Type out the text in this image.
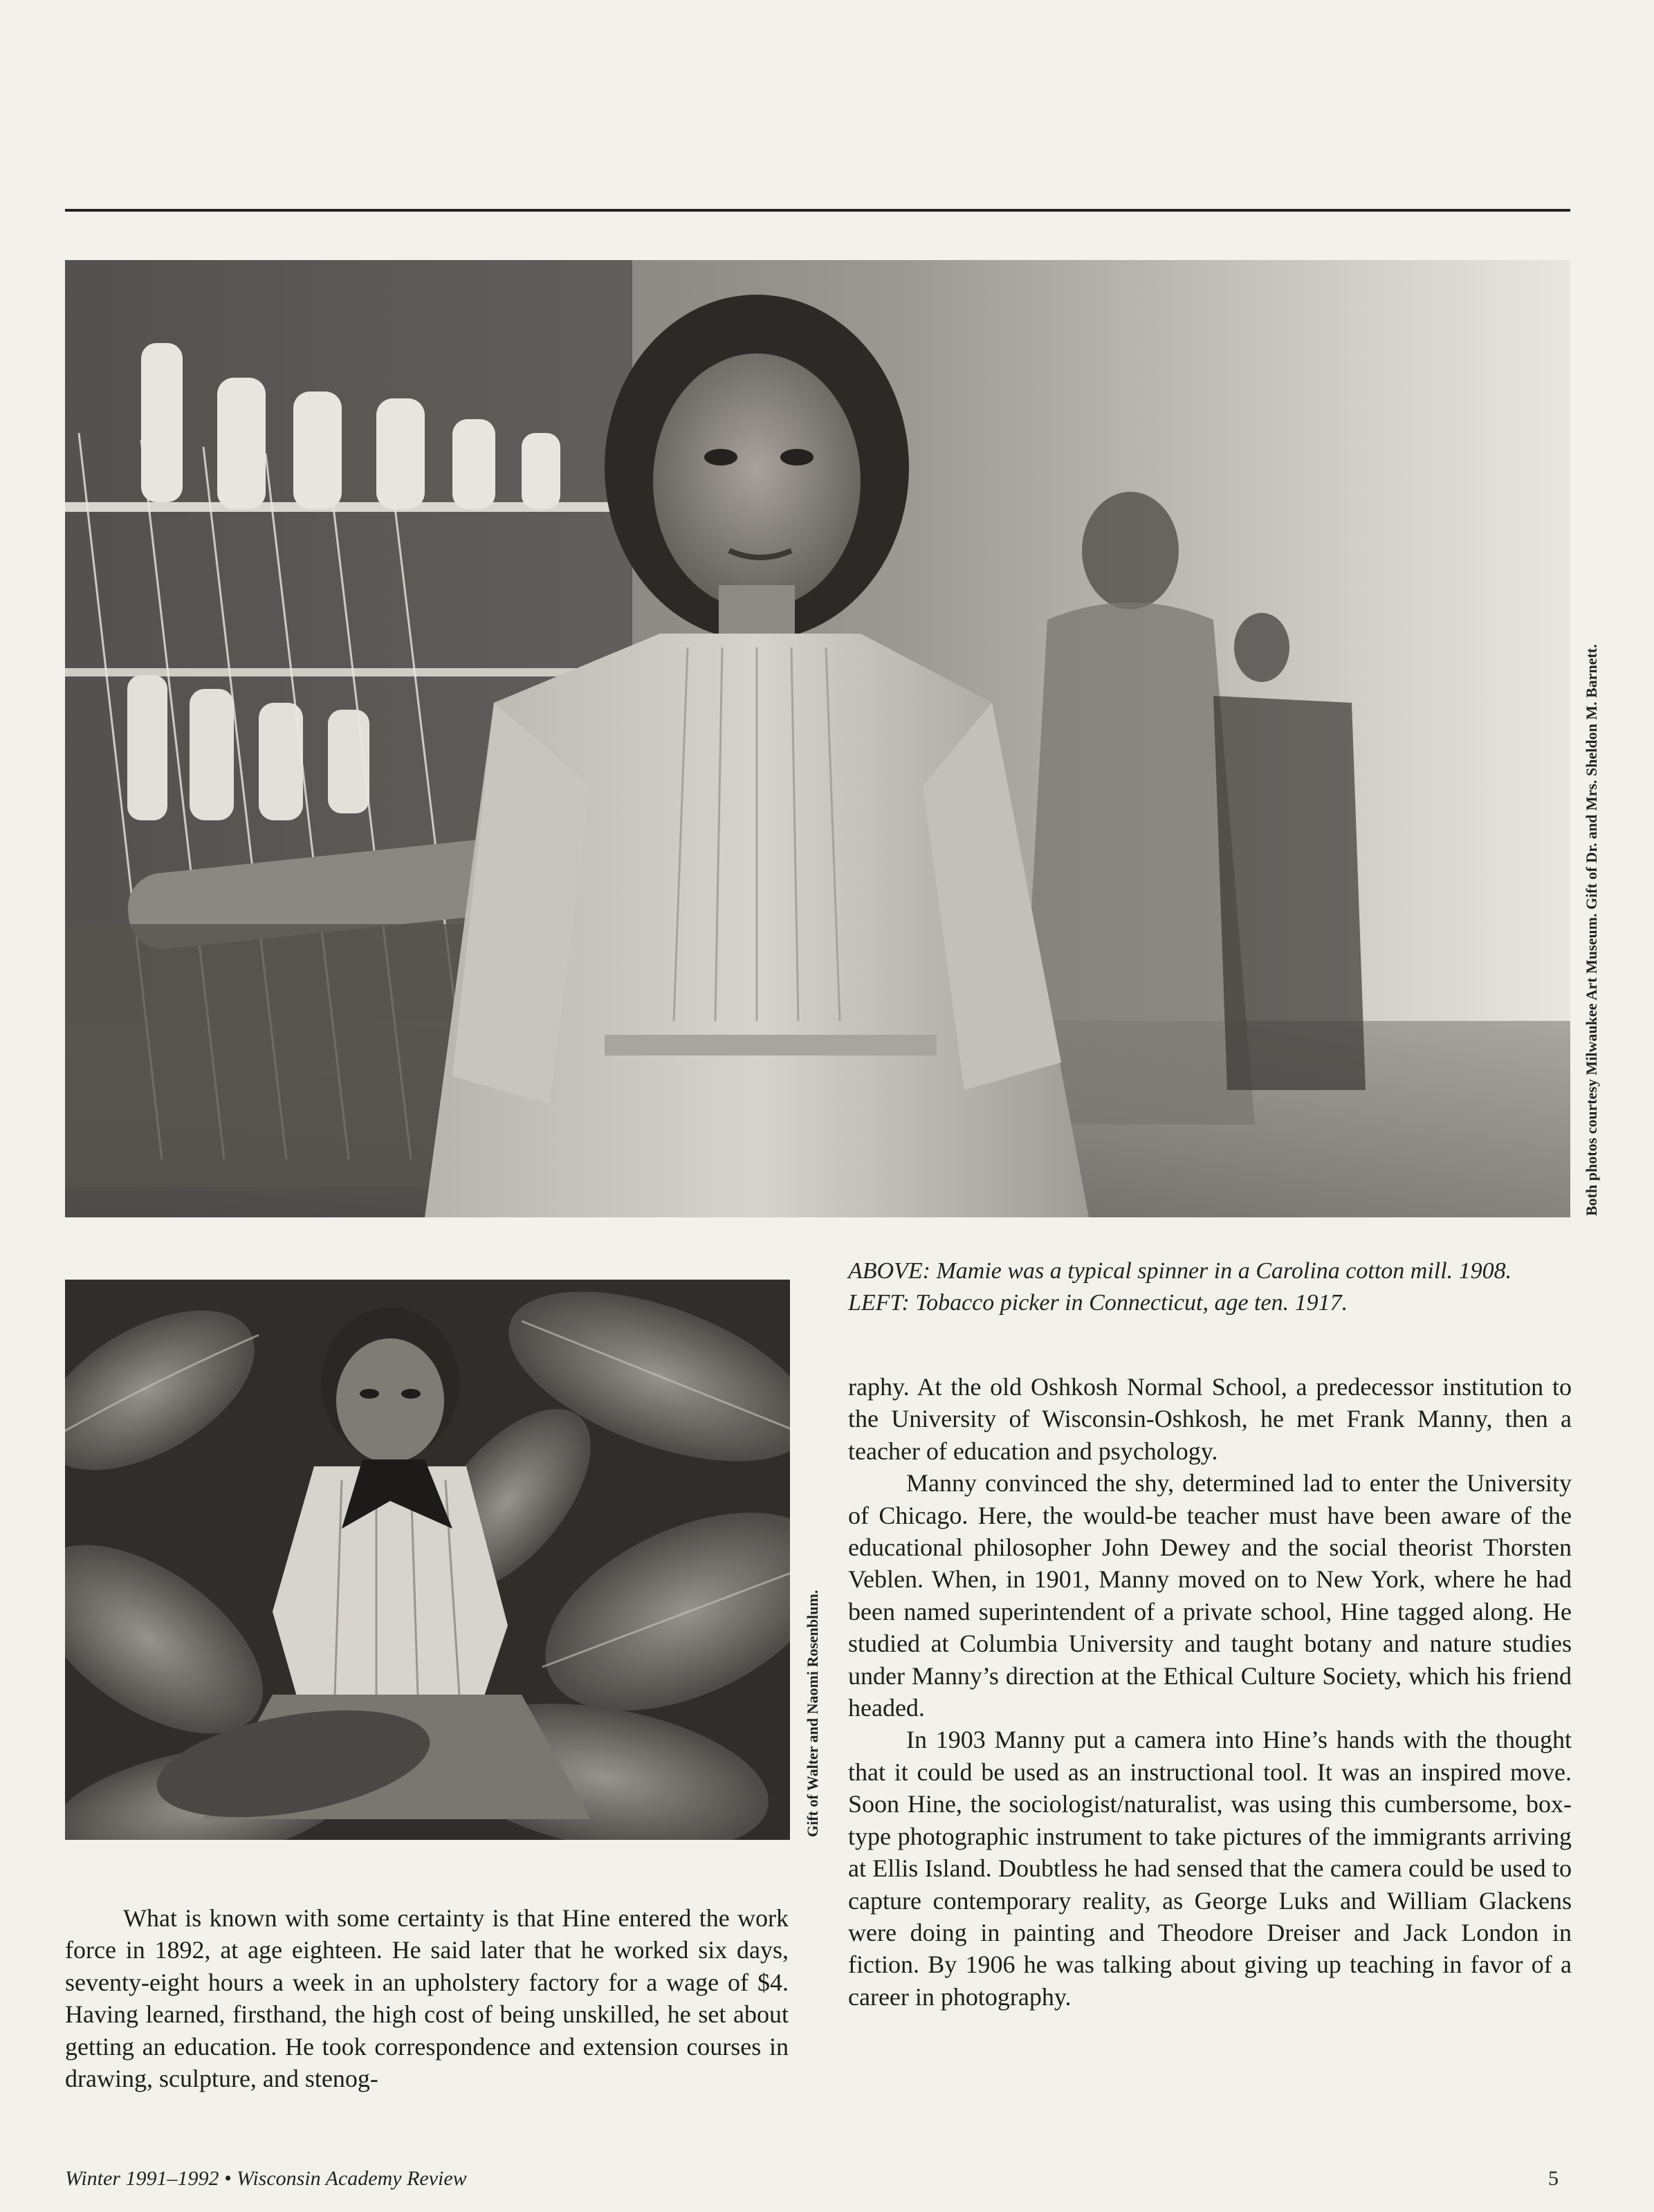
Both photos courtesy Milwaukee Art Museum. Gift of Dr. and Mrs. Sheldon M. Barnett.
Gift of Walter and Naomi Rosenblum.

ABOVE: Mamie was a typical spinner in a Carolina cotton mill. 1908.

LEFT: Tobacco picker in Connecticut, age ten. 1917.

What is known with some certainty is that Hine entered the work force in 1892, at age eighteen. He said later that he worked six days, seventy-eight hours a week in an upholstery factory for a wage of $4. Having learned, firsthand, the high cost of being unskilled, he set about getting an education. He took correspondence and extension courses in drawing, sculpture, and stenog-

raphy. At the old Oshkosh Normal School, a predecessor institution to the University of Wisconsin-Oshkosh, he met Frank Manny, then a teacher of education and psychology.

Manny convinced the shy, determined lad to enter the University of Chicago. Here, the would-be teacher must have been aware of the educational philosopher John Dewey and the social theorist Thorsten Veblen. When, in 1901, Manny moved on to New York, where he had been named superintendent of a private school, Hine tagged along. He studied at Columbia University and taught botany and nature studies under Manny’s direction at the Ethical Culture Society, which his friend headed.

In 1903 Manny put a camera into Hine’s hands with the thought that it could be used as an instructional tool. It was an inspired move. Soon Hine, the sociologist/naturalist, was using this cumbersome, box-type photographic instrument to take pictures of the immigrants arriving at Ellis Island. Doubtless he had sensed that the camera could be used to capture contemporary reality, as George Luks and William Glackens were doing in painting and Theodore Dreiser and Jack London in fiction. By 1906 he was talking about giving up teaching in favor of a career in photography.

Winter 1991–1992 • Wisconsin Academy Review	5
